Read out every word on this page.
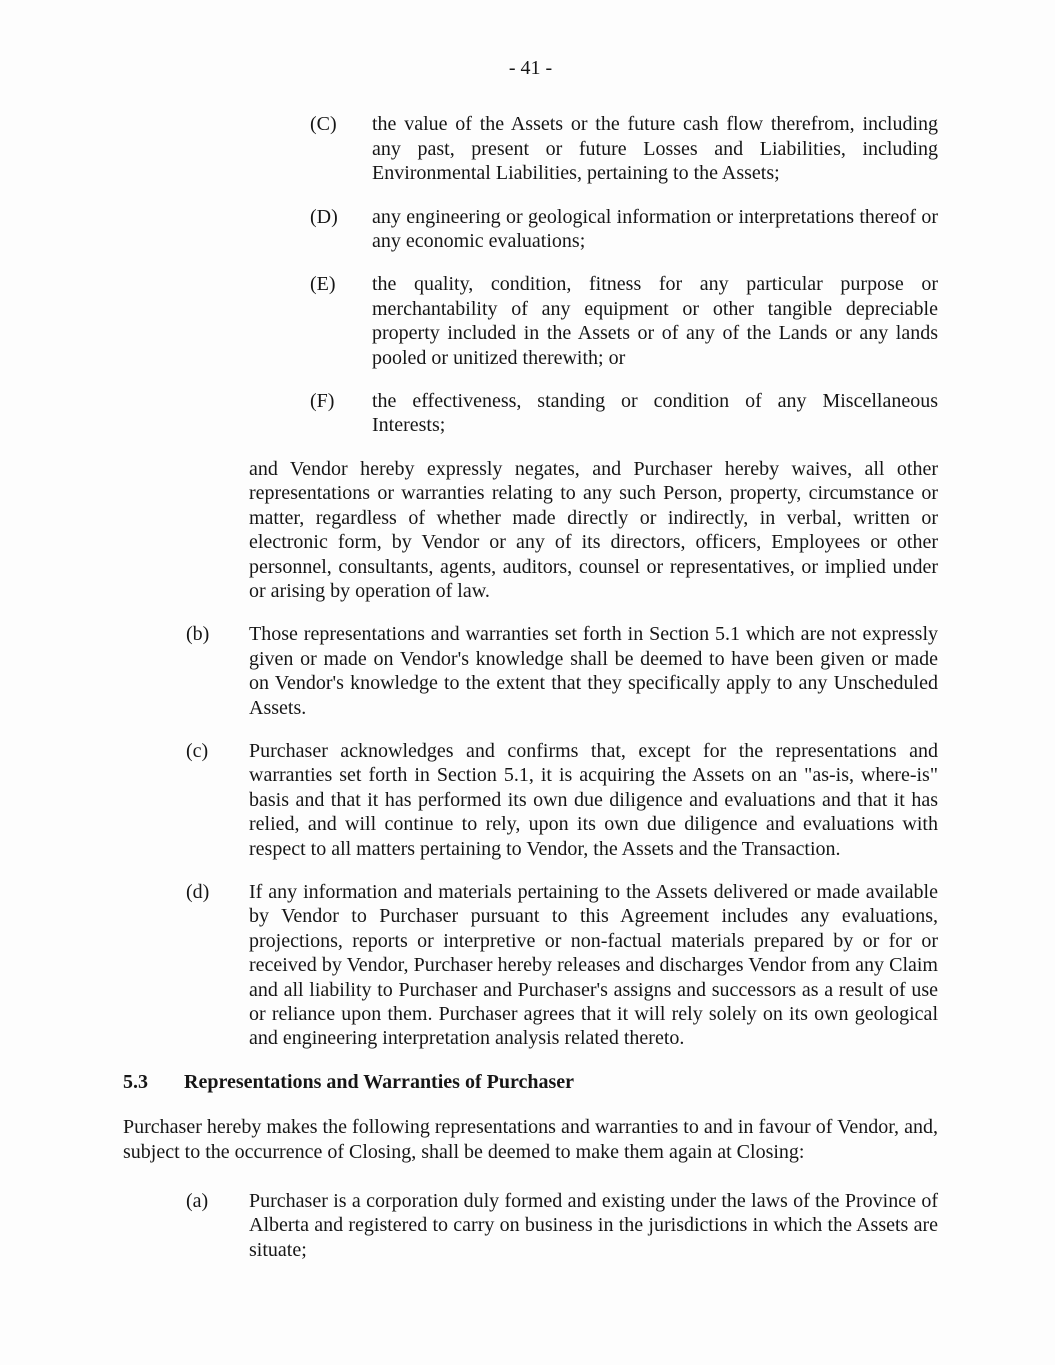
- 41 -
(C) the value of the Assets or the future cash flow therefrom, including any past, present or future Losses and Liabilities, including Environmental Liabilities, pertaining to the Assets;
(D) any engineering or geological information or interpretations thereof or any economic evaluations;
(E) the quality, condition, fitness for any particular purpose or merchantability of any equipment or other tangible depreciable property included in the Assets or of any of the Lands or any lands pooled or unitized therewith; or
(F) the effectiveness, standing or condition of any Miscellaneous Interests;
and Vendor hereby expressly negates, and Purchaser hereby waives, all other representations or warranties relating to any such Person, property, circumstance or matter, regardless of whether made directly or indirectly, in verbal, written or electronic form, by Vendor or any of its directors, officers, Employees or other personnel, consultants, agents, auditors, counsel or representatives, or implied under or arising by operation of law.
(b) Those representations and warranties set forth in Section 5.1 which are not expressly given or made on Vendor's knowledge shall be deemed to have been given or made on Vendor's knowledge to the extent that they specifically apply to any Unscheduled Assets.
(c) Purchaser acknowledges and confirms that, except for the representations and warranties set forth in Section 5.1, it is acquiring the Assets on an "as-is, where-is" basis and that it has performed its own due diligence and evaluations and that it has relied, and will continue to rely, upon its own due diligence and evaluations with respect to all matters pertaining to Vendor, the Assets and the Transaction.
(d) If any information and materials pertaining to the Assets delivered or made available by Vendor to Purchaser pursuant to this Agreement includes any evaluations, projections, reports or interpretive or non-factual materials prepared by or for or received by Vendor, Purchaser hereby releases and discharges Vendor from any Claim and all liability to Purchaser and Purchaser's assigns and successors as a result of use or reliance upon them. Purchaser agrees that it will rely solely on its own geological and engineering interpretation analysis related thereto.
5.3 Representations and Warranties of Purchaser
Purchaser hereby makes the following representations and warranties to and in favour of Vendor, and, subject to the occurrence of Closing, shall be deemed to make them again at Closing:
(a) Purchaser is a corporation duly formed and existing under the laws of the Province of Alberta and registered to carry on business in the jurisdictions in which the Assets are situate;
